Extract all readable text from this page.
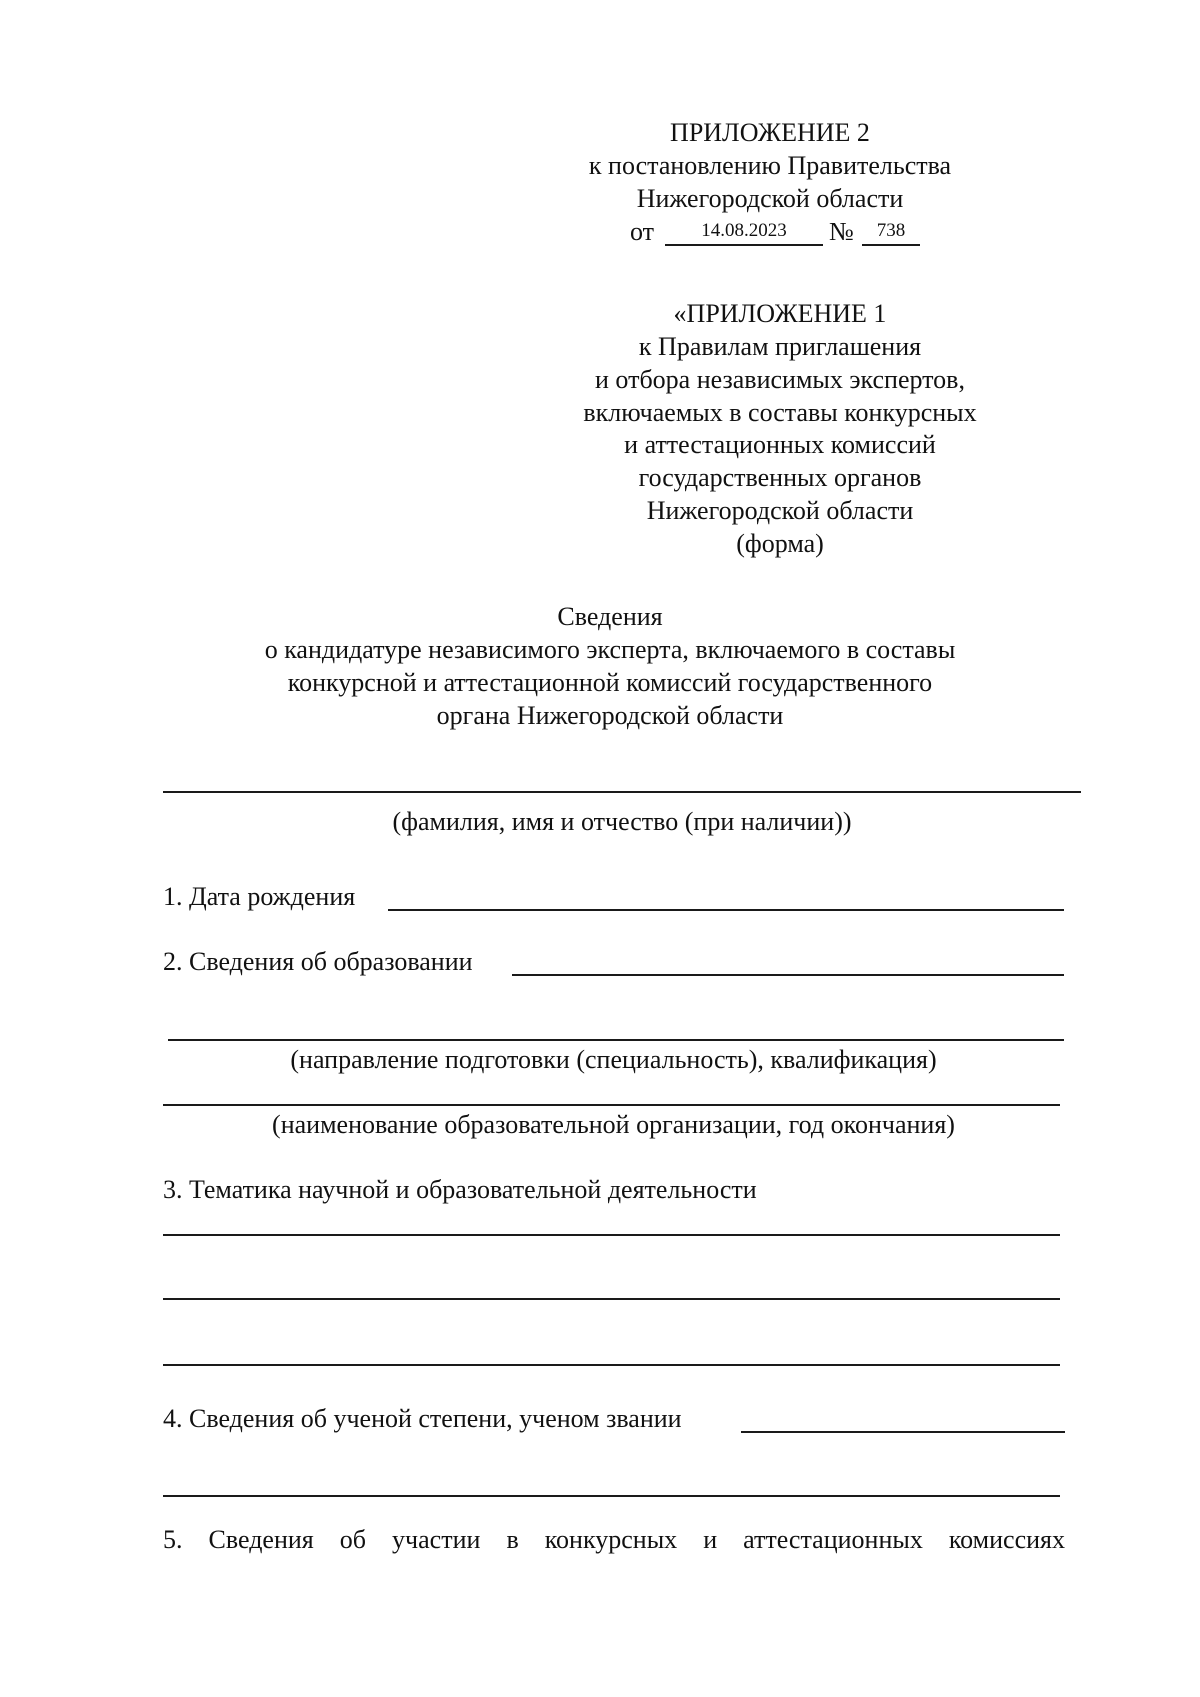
ПРИЛОЖЕНИЕ 2
к постановлению Правительства
Нижегородской области
от	14.08.2023	№	738
«ПРИЛОЖЕНИЕ 1
к Правилам приглашения
и отбора независимых экспертов,
включаемых в составы конкурсных
и аттестационных комиссий
государственных органов
Нижегородской области
(форма)
Сведения
о кандидатуре независимого эксперта, включаемого в составы
конкурсной и аттестационной комиссий государственного
органа Нижегородской области
(фамилия, имя и отчество (при наличии))
1. Дата рождения
2. Сведения об образовании
(направление подготовки (специальность), квалификация)
(наименование образовательной организации, год окончания)
3. Тематика научной и образовательной деятельности
4. Сведения об ученой степени, ученом звании
5. Сведения об участии в конкурсных и аттестационных комиссиях
